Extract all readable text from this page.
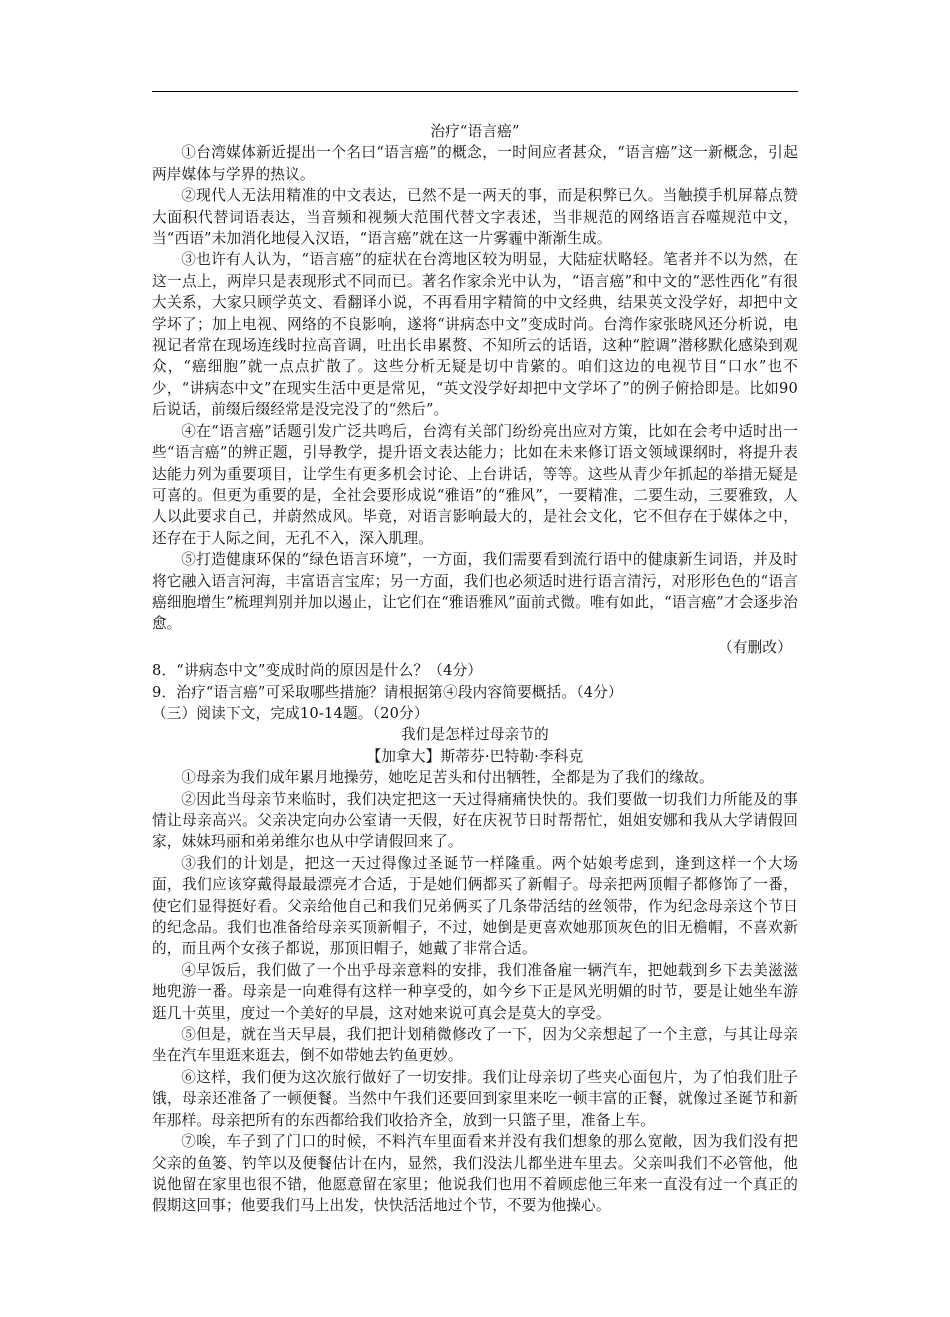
治疗“语言癌”

①台湾媒体新近提出一个名曰“语言癌”的概念，一时间应者甚众，“语言癌”这一新概念，引起两岸媒体与学界的热议。

②现代人无法用精准的中文表达，已然不是一两天的事，而是积弊已久。当触摸手机屏幕点赞大面积代替词语表达，当音频和视频大范围代替文字表述，当非规范的网络语言吞噬规范中文，当“西语”未加消化地侵入汉语，“语言癌”就在这一片雾霾中渐渐生成。

③也许有人认为，“语言癌”的症状在台湾地区较为明显，大陆症状略轻。笔者并不以为然，在这一点上，两岸只是表现形式不同而已。著名作家余光中认为，“语言癌”和中文的“恶性西化”有很大关系，大家只顾学英文、看翻译小说，不再看用字精简的中文经典，结果英文没学好，却把中文学坏了；加上电视、网络的不良影响，遂将“讲病态中文”变成时尚。台湾作家张晓风还分析说，电视记者常在现场连线时拉高音调，吐出长串累赘、不知所云的话语，这种“腔调”潜移默化感染到观众，“癌细胞”就一点点扩散了。这些分析无疑是切中肯綮的。咱们这边的电视节目“口水”也不少，“讲病态中文”在现实生活中更是常见，“英文没学好却把中文学坏了”的例子俯拾即是。比如90后说话，前缀后缀经常是没完没了的“然后”。

④在“语言癌”话题引发广泛共鸣后，台湾有关部门纷纷亮出应对方策，比如在会考中适时出一些“语言癌”的辨正题，引导教学，提升语文表达能力；比如在未来修订语文领域课纲时，将提升表达能力列为重要项目，让学生有更多机会讨论、上台讲话，等等。这些从青少年抓起的举措无疑是可喜的。但更为重要的是，全社会要形成说“雅语”的“雅风”，一要精准，二要生动，三要雅致，人人以此要求自己，并蔚然成风。毕竟，对语言影响最大的，是社会文化，它不但存在于媒体之中，还存在于人际之间，无孔不入，深入肌理。

⑤打造健康环保的“绿色语言环境”，一方面，我们需要看到流行语中的健康新生词语，并及时将它融入语言河海，丰富语言宝库；另一方面，我们也必须适时进行语言清污，对形形色色的“语言癌细胞增生”梳理判别并加以遏止，让它们在“雅语雅风”面前式微。唯有如此，“语言癌”才会逐步治愈。

（有删改）

8．“讲病态中文”变成时尚的原因是什么？（4分）

9．治疗“语言癌”可采取哪些措施？请根据第④段内容简要概括。（4分）

（三）阅读下文，完成10-14题。（20分）

我们是怎样过母亲节的
【加拿大】斯蒂芬·巴特勒·李科克

①母亲为我们成年累月地操劳，她吃足苦头和付出牺牲，全都是为了我们的缘故。

②因此当母亲节来临时，我们决定把这一天过得痛痛快快的。我们要做一切我们力所能及的事情让母亲高兴。父亲决定向办公室请一天假，好在庆祝节日时帮帮忙，姐姐安娜和我从大学请假回家，妹妹玛丽和弟弟维尔也从中学请假回来了。

③我们的计划是，把这一天过得像过圣诞节一样隆重。两个姑娘考虑到，逢到这样一个大场面，我们应该穿戴得最最漂亮才合适，于是她们俩都买了新帽子。母亲把两顶帽子都修饰了一番，使它们显得挺好看。父亲给他自己和我们兄弟俩买了几条带活结的丝领带，作为纪念母亲这个节日的纪念品。我们也准备给母亲买顶新帽子，不过，她倒是更喜欢她那顶灰色的旧无檐帽，不喜欢新的，而且两个女孩子都说，那顶旧帽子，她戴了非常合适。

④早饭后，我们做了一个出乎母亲意料的安排，我们准备雇一辆汽车，把她载到乡下去美滋滋地兜游一番。母亲是一向难得有这样一种享受的，如今乡下正是风光明媚的时节，要是让她坐车游逛几十英里，度过一个美好的早晨，这对她来说可真会是莫大的享受。

⑤但是，就在当天早晨，我们把计划稍微修改了一下，因为父亲想起了一个主意，与其让母亲坐在汽车里逛来逛去，倒不如带她去钓鱼更妙。

⑥这样，我们便为这次旅行做好了一切安排。我们让母亲切了些夹心面包片，为了怕我们肚子饿，母亲还准备了一顿便餐。当然中午我们还要回到家里来吃一顿丰富的正餐，就像过圣诞节和新年那样。母亲把所有的东西都给我们收拾齐全，放到一只篮子里，准备上车。

⑦唉，车子到了门口的时候，不料汽车里面看来并没有我们想象的那么宽敞，因为我们没有把父亲的鱼篓、钓竿以及便餐估计在内，显然，我们没法儿都坐进车里去。父亲叫我们不必管他，他说他留在家里也很不错，他愿意留在家里；他说我们也用不着顾虑他三年来一直没有过一个真正的假期这回事；他要我们马上出发，快快活活地过个节，不要为他操心。
